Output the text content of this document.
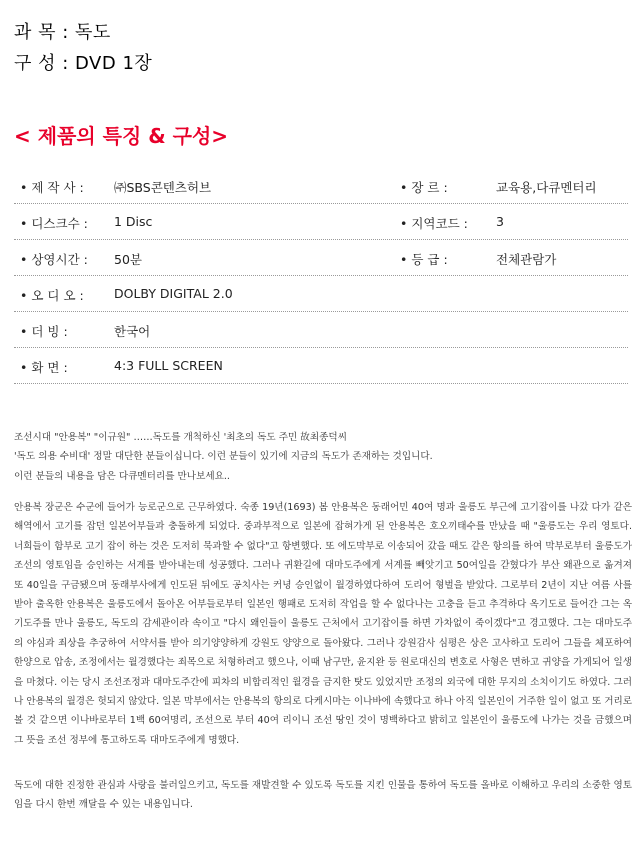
과 목 : 독도
구 성 : DVD 1장
< 제품의 특징 & 구성>
• 제 작 사 : ㈜SBS콘텐츠허브	• 장 르 :	교육용,다큐멘터리
• 디스크수 : 1 Disc	• 지역코드 : 3
• 상영시간 : 50분	• 등 급 :	전체관람가
• 오 디 오 : DOLBY DIGITAL 2.0
• 더 빙 :	한국어
• 화 면 :	4:3 FULL SCREEN
조선시대 "안용복" "이규원" ……독도를 개척하신 '최초의 독도 주민 故최종덕씨
'독도 의용 수비대' 정말 대단한 분들이십니다. 이런 분들이 있기에 지금의 독도가 존재하는 것입니다.
이런 분들의 내용을 담은 다큐멘터리를 만나보세요..

안용복 장군은 수군에 들어가 능로군으로 근무하였다. 숙종 19년(1693) 봄 안용복은 동래어민 40여 명과 울릉도 부근에 고기잡이를 나갔 다가 같은 해역에서 고기를 잡던 일본어부들과 충돌하게 되었다. 중과부적으로 일본에 잡혀가게 된 안용복은 호오끼태수를 만났을 때 "울릉도는 우리 영토다. 너희들이 함부로 고기 잡이 하는 것은 도저히 묵과할 수 없다"고 항변했다. 또 에도막부로 이송되어 갔을 때도 같은 항의를 하여 막부로부터 울릉도가 조선의 영토임을 승인하는 서계를 받아내는데 성공했다. 그러나 귀환길에 대마도주에게 서계를 빼앗기고 50여일을 갇혔다가 부산 왜관으로 옮겨져 또 40일을 구금됐으며 동래부사에게 인도된 뒤에도 공치사는 커녕 승인없이 월경하였다하여 도리어 형벌을 받았다. 그로부터 2년이 지난 여름 사를 받아 출옥한 안용복은 울릉도에서 돌아온 어부들로부터 일본인 행패로 도저히 작업을 할 수 없다나는 고충을 듣고 추격하다 옥기도로 들어간 그는 옥기도주를 만나 울릉도, 독도의 감세관이라 속이고 "다시 왜인들이 울릉도 근처에서 고기잡이를 하면 가차없이 죽이겠다"고 경고했다. 그는 대마도주의 야심과 죄상을 추궁하여 서약서를 받아 의기양양하게 강원도 양양으로 돌아왔다. 그러나 강원감사 심평은 상은 고사하고 도리어 그들을 체포하여 한양으로 압송, 조정에서는 월경했다는 죄목으로 처형하려고 했으나, 이때 남구만, 윤지완 등 원로대신의 변호로 사형은 면하고 귀양을 가게되어 일생을 마쳤다. 이는 당시 조선조정과 대마도주간에 피차의 비합리적인 월경을 금지한 탓도 있었지만 조정의 외국에 대한 무지의 소치이기도 하였다. 그러나 안용복의 월경은 헛되지 않았다. 일본 막부에서는 안용복의 항의로 다케시마는 이나바에 속했다고 하나 아직 일본인이 거주한 일이 없고 또 거리로 볼 것 같으면 이나바로부터 1백 60여명리, 조선으로 부터 40여 리이니 조선 땅인 것이 명백하다고 밝히고 일본인이 울릉도에 나가는 것을 금했으며 그 뜻을 조선 정부에 통고하도록 대마도주에게 명했다.

독도에 대한 진정한 관심과 사랑을 불러일으키고, 독도를 재발견할 수 있도록 독도를 지킨 인물을 통하여 독도를 올바로 이해하고 우리의 소중한 영토임을 다시 한번 깨달을 수 있는 내용입니다.
